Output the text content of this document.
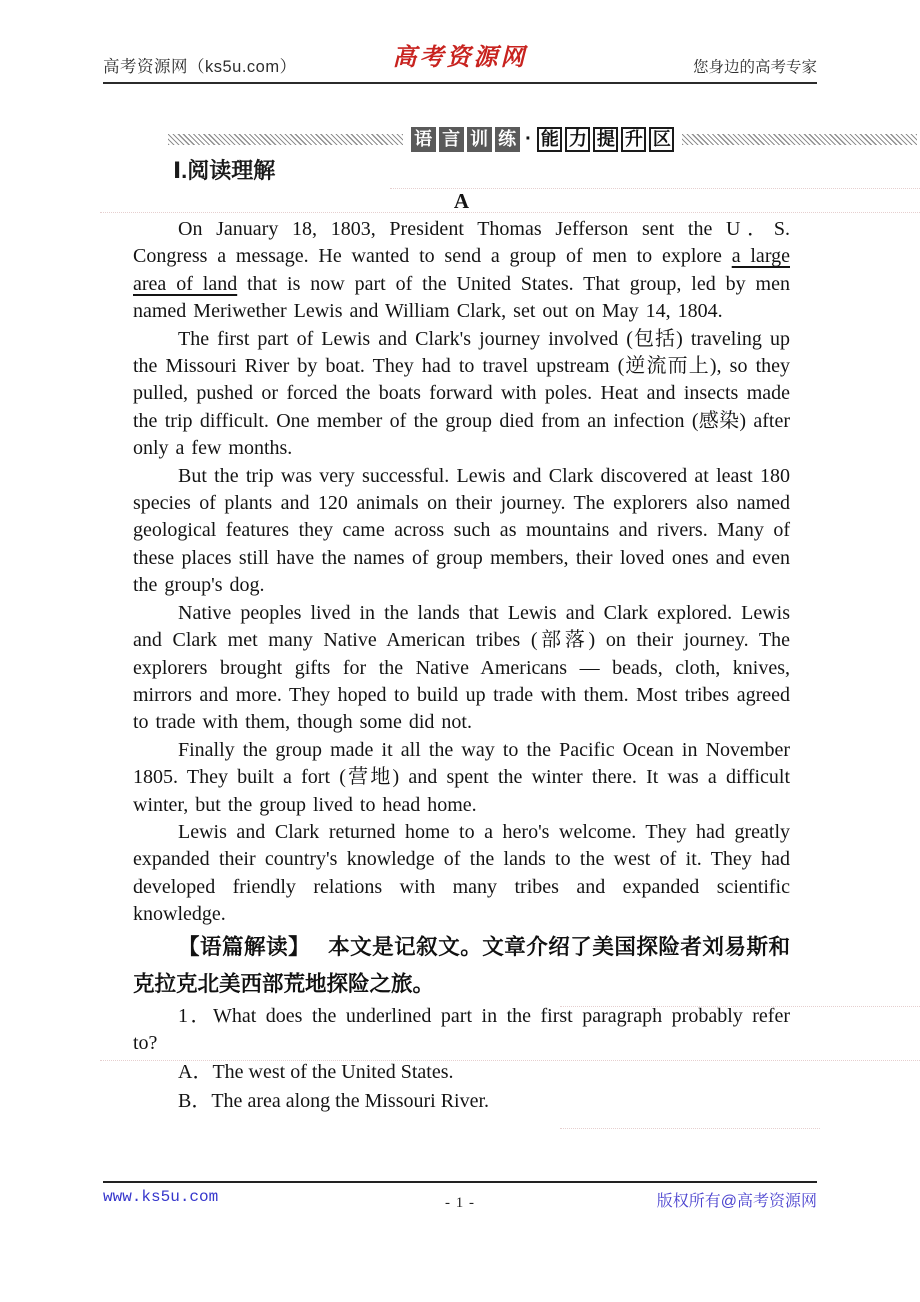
高考资源网（ks5u.com）	高考资源网	您身边的高考专家
语 言 训 练 · 能 力 提 升 区
Ⅰ.阅读理解
A

On January 18, 1803, President Thomas Jefferson sent the U．S. Congress a message. He wanted to send a group of men to explore a large area of land that is now part of the United States. That group, led by men named Meriwether Lewis and William Clark, set out on May 14, 1804.

The first part of Lewis and Clark's journey involved (包括) traveling up the Missouri River by boat. They had to travel upstream (逆流而上), so they pulled, pushed or forced the boats forward with poles. Heat and insects made the trip difficult. One member of the group died from an infection (感染) after only a few months.

But the trip was very successful. Lewis and Clark discovered at least 180 species of plants and 120 animals on their journey. The explorers also named geological features they came across such as mountains and rivers. Many of these places still have the names of group members, their loved ones and even the group's dog.

Native peoples lived in the lands that Lewis and Clark explored. Lewis and Clark met many Native American tribes (部落) on their journey. The explorers brought gifts for the Native Americans — beads, cloth, knives, mirrors and more. They hoped to build up trade with them. Most tribes agreed to trade with them, though some did not.

Finally the group made it all the way to the Pacific Ocean in November 1805. They built a fort (营地) and spent the winter there. It was a difficult winter, but the group lived to head home.

Lewis and Clark returned home to a hero's welcome. They had greatly expanded their country's knowledge of the lands to the west of it. They had developed friendly relations with many tribes and expanded scientific knowledge.

【语篇解读】 本文是记叙文。文章介绍了美国探险者刘易斯和克拉克北美西部荒地探险之旅。

1．What does the underlined part in the first paragraph probably refer to?

A．The west of the United States.

B．The area along the Missouri River.

www.ks5u.com	- 1 -	版权所有@高考资源网
